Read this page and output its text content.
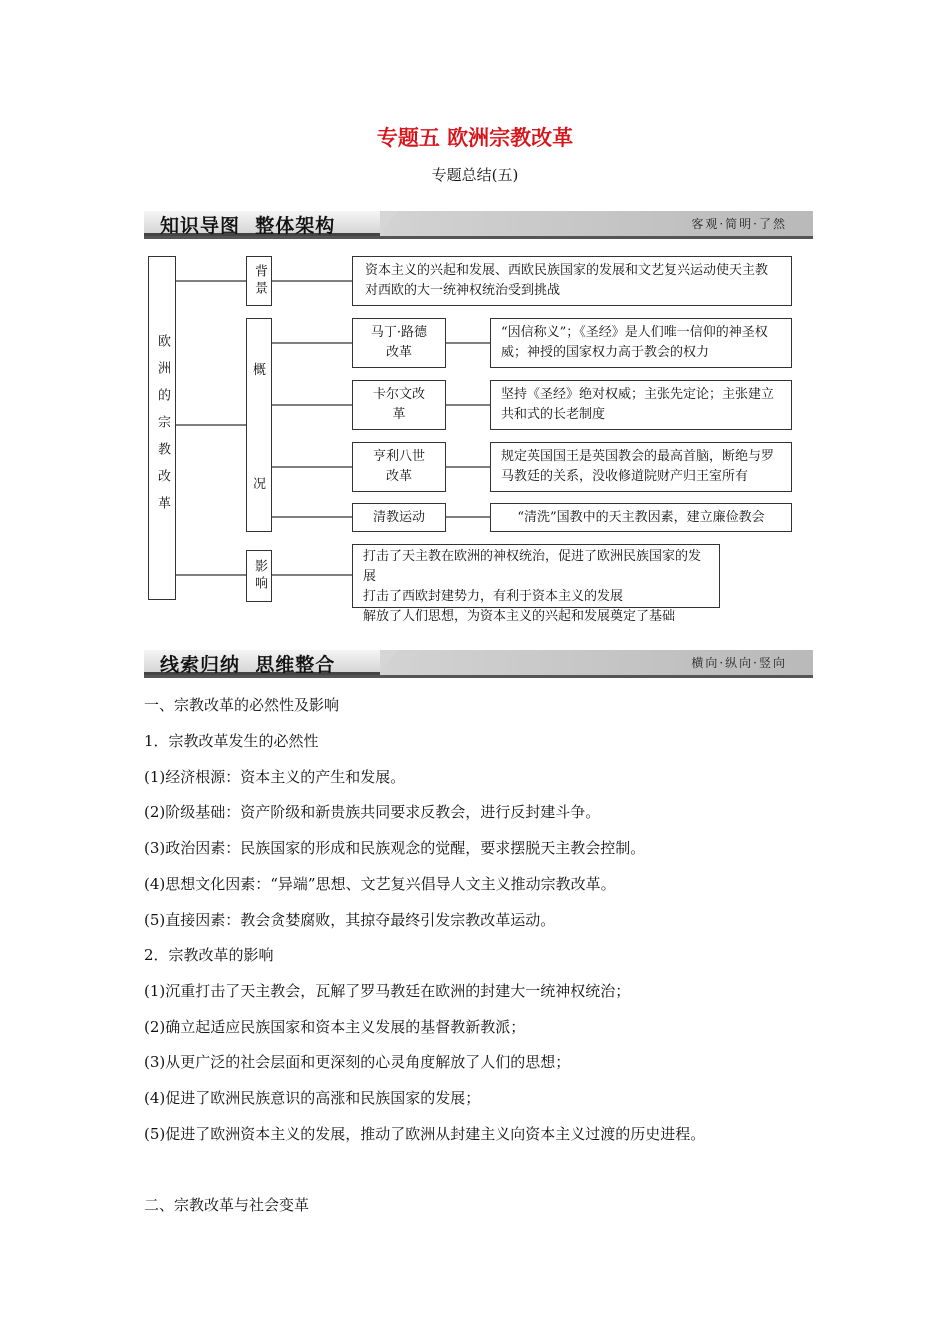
专题五 欧洲宗教改革
专题总结(五)
知识导图  整体架构	客观·简明·了然
欧洲的宗教改革
背景	资本主义的兴起和发展、西欧民族国家的发展和文艺复兴运动使天主教对西欧的大一统神权统治受到挑战
概
况
马丁·路德改革
“因信称义”；《圣经》是人们唯一信仰的神圣权威；神授的国家权力高于教会的权力
卡尔文改革
坚持《圣经》绝对权威；主张先定论；主张建立共和式的长老制度
亨利八世改革
规定英国国王是英国教会的最高首脑，断绝与罗马教廷的关系，没收修道院财产归王室所有
清教运动	“清洗”国教中的天主教因素，建立廉俭教会
影响
打击了天主教在欧洲的神权统治，促进了欧洲民族国家的发展
打击了西欧封建势力，有利于资本主义的发展
解放了人们思想，为资本主义的兴起和发展奠定了基础
线索归纳  思维整合	横向·纵向·竖向
一、宗教改革的必然性及影响
1．宗教改革发生的必然性
(1)经济根源：资本主义的产生和发展。
(2)阶级基础：资产阶级和新贵族共同要求反教会，进行反封建斗争。
(3)政治因素：民族国家的形成和民族观念的觉醒，要求摆脱天主教会控制。
(4)思想文化因素：“异端”思想、文艺复兴倡导人文主义推动宗教改革。
(5)直接因素：教会贪婪腐败，其掠夺最终引发宗教改革运动。
2．宗教改革的影响
(1)沉重打击了天主教会，瓦解了罗马教廷在欧洲的封建大一统神权统治；
(2)确立起适应民族国家和资本主义发展的基督教新教派；
(3)从更广泛的社会层面和更深刻的心灵角度解放了人们的思想；
(4)促进了欧洲民族意识的高涨和民族国家的发展；
(5)促进了欧洲资本主义的发展，推动了欧洲从封建主义向资本主义过渡的历史进程。
二、宗教改革与社会变革
